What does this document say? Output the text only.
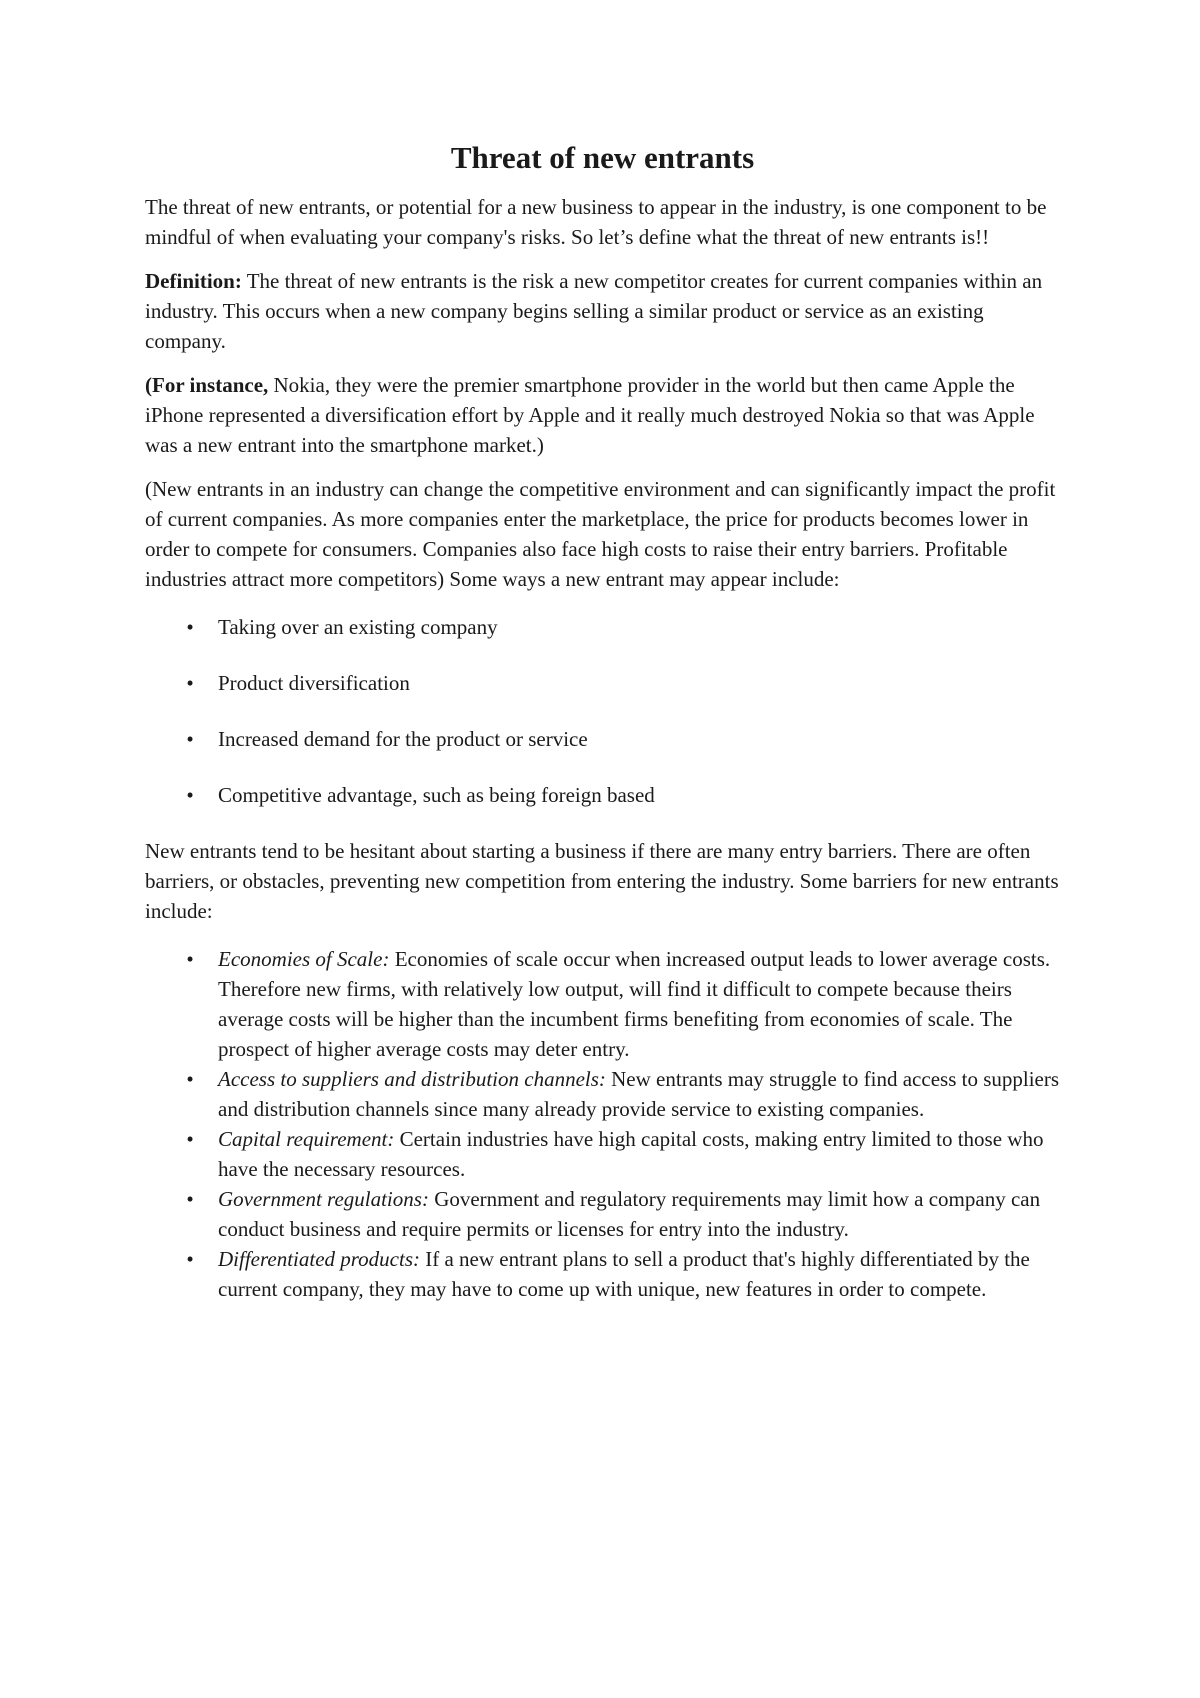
Threat of new entrants

The threat of new entrants, or potential for a new business to appear in the industry, is one component to be mindful of when evaluating your company's risks. So let’s define what the threat of new entrants is!!

Definition: The threat of new entrants is the risk a new competitor creates for current companies within an industry. This occurs when a new company begins selling a similar product or service as an existing company.

(For instance, Nokia, they were the premier smartphone provider in the world but then came Apple the iPhone represented a diversification effort by Apple and it really much destroyed Nokia so that was Apple was a new entrant into the smartphone market.)

(New entrants in an industry can change the competitive environment and can significantly impact the profit of current companies. As more companies enter the marketplace, the price for products becomes lower in order to compete for consumers. Companies also face high costs to raise their entry barriers. Profitable industries attract more competitors) Some ways a new entrant may appear include:

• Taking over an existing company
• Product diversification
• Increased demand for the product or service
• Competitive advantage, such as being foreign based

New entrants tend to be hesitant about starting a business if there are many entry barriers. There are often barriers, or obstacles, preventing new competition from entering the industry. Some barriers for new entrants include:

• Economies of Scale: Economies of scale occur when increased output leads to lower average costs. Therefore new firms, with relatively low output, will find it difficult to compete because theirs average costs will be higher than the incumbent firms benefiting from economies of scale. The prospect of higher average costs may deter entry.
• Access to suppliers and distribution channels: New entrants may struggle to find access to suppliers and distribution channels since many already provide service to existing companies.
• Capital requirement: Certain industries have high capital costs, making entry limited to those who have the necessary resources.
• Government regulations: Government and regulatory requirements may limit how a company can conduct business and require permits or licenses for entry into the industry.
• Differentiated products: If a new entrant plans to sell a product that's highly differentiated by the current company, they may have to come up with unique, new features in order to compete.
